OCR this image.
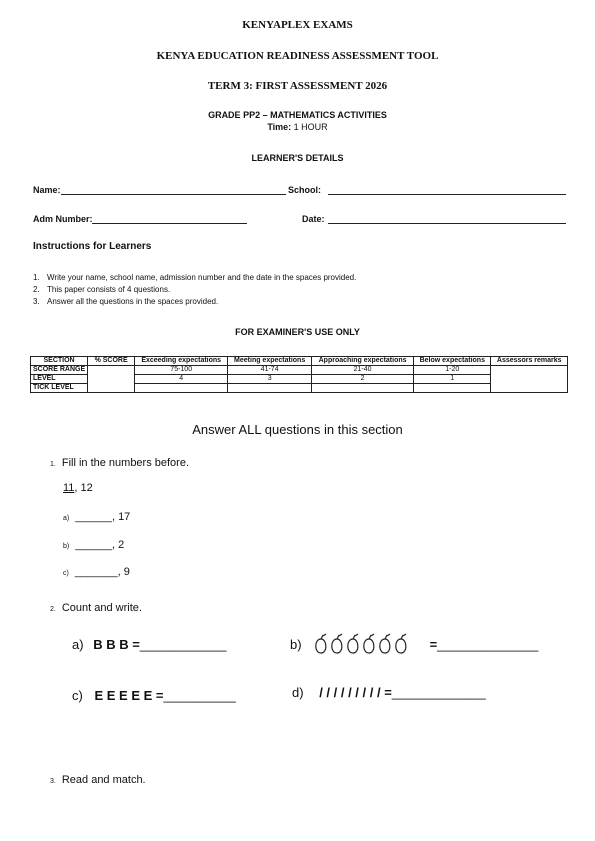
KENYAPLEX EXAMS
KENYA EDUCATION READINESS ASSESSMENT TOOL
TERM 3: FIRST ASSESSMENT 2026
GRADE PP2 – MATHEMATICS ACTIVITIES
Time: 1 HOUR
LEARNER'S DETAILS
Name:	School:
Adm Number:	Date:
Instructions for Learners
1. Write your name, school name, admission number and the date in the spaces provided.
2. This paper consists of 4 questions.
3. Answer all the questions in the spaces provided.
FOR EXAMINER'S USE ONLY
SECTION	% SCORE	Exceeding expectations	Meeting expectations	Approaching expectations	Below expectations	Assessors remarks
SCORE RANGE		75-100	41-74	21-40	1-20	
LEVEL		4	3	2	1	
TICK LEVEL						
Answer ALL questions in this section
1. Fill in the numbers before.
11, 12
a) ______, 17
b) ______, 2
c) _______, 9
2. Count and write.
a) B B B =____________	b)	= ______________
c) E E E E E =__________	d) / / / / / / / / / =_____________
3. Read and match.
